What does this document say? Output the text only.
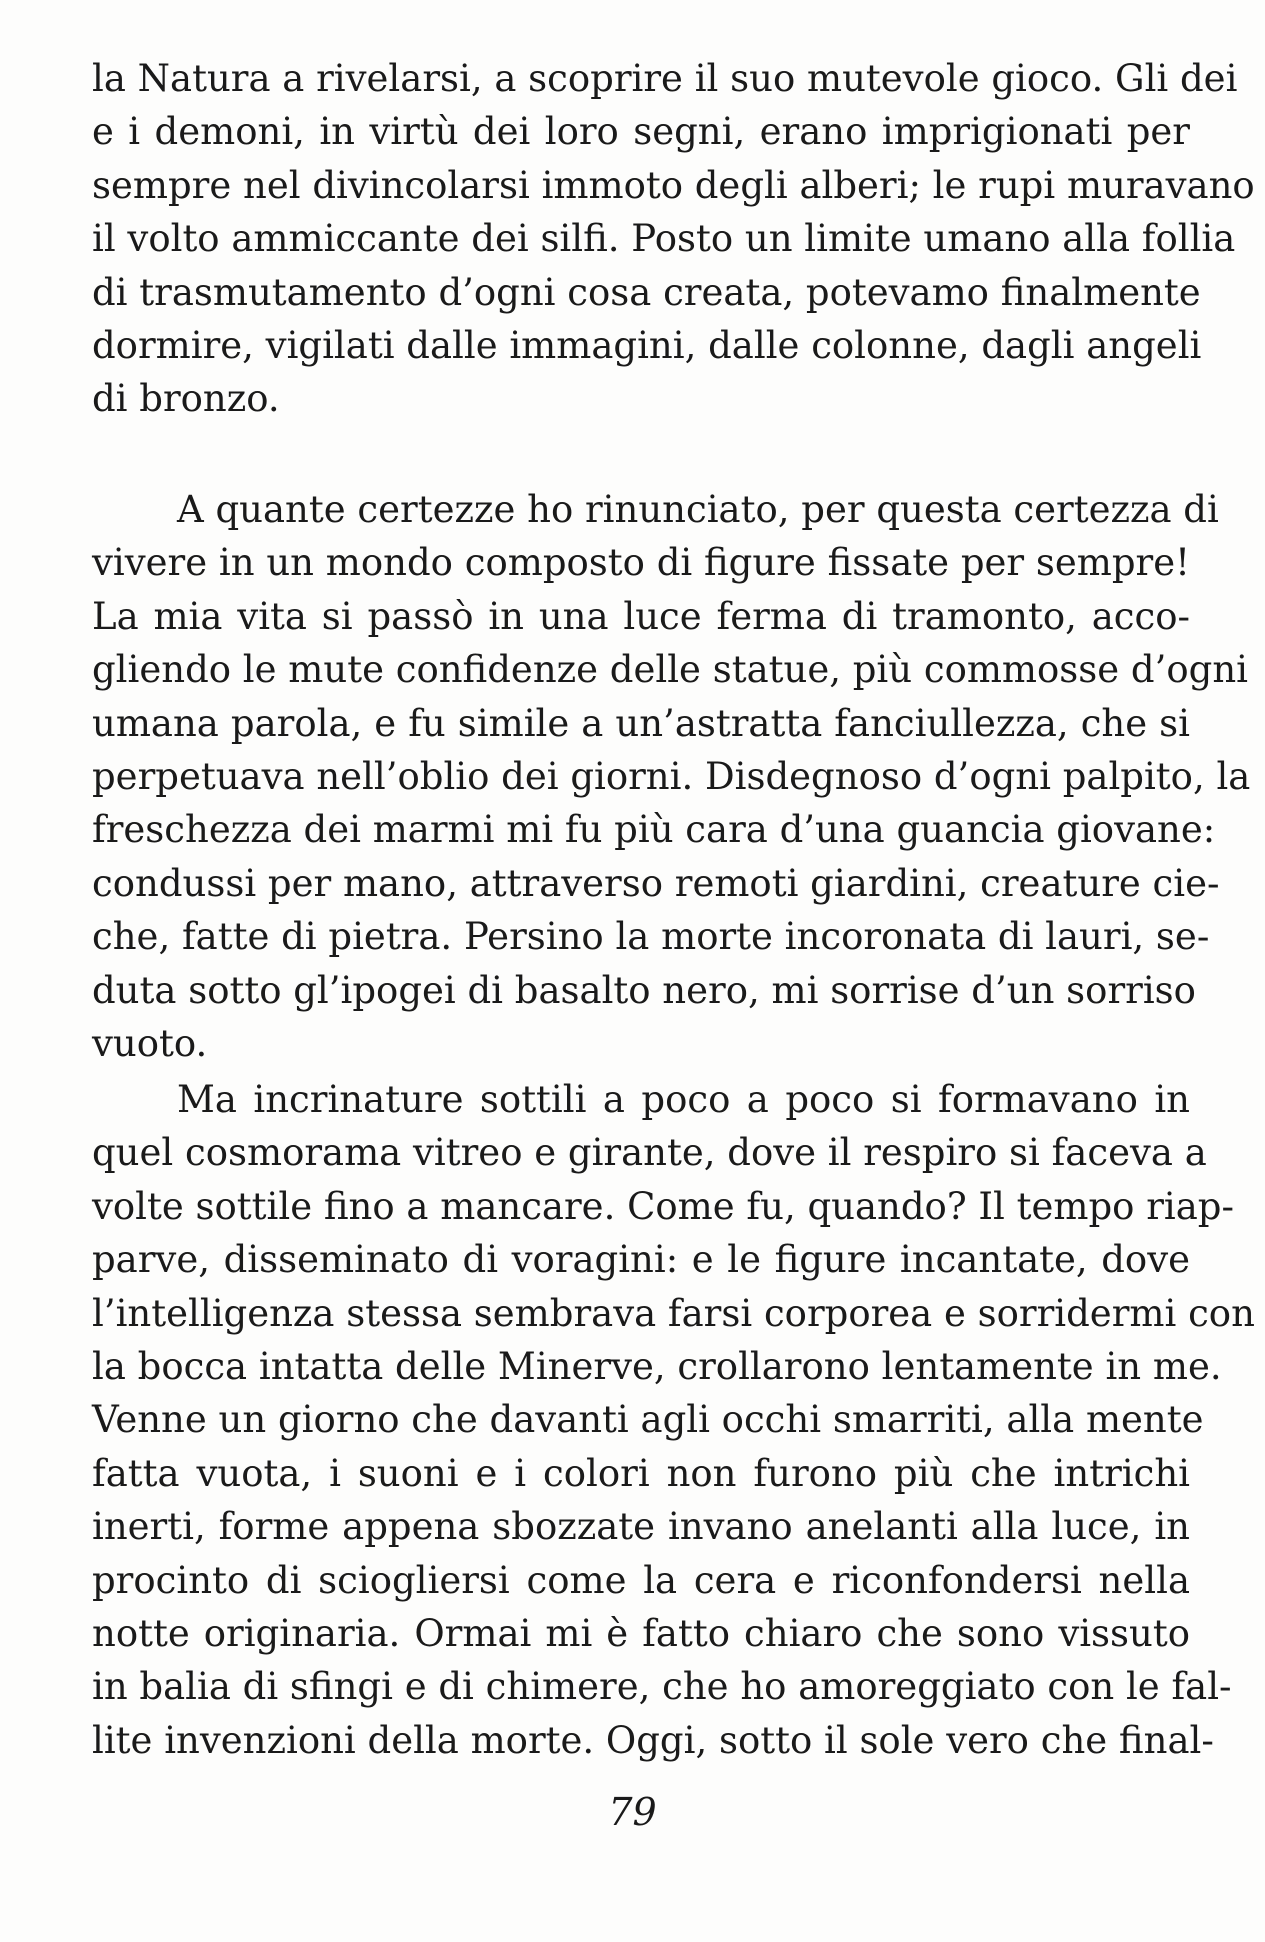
la Natura a rivelarsi, a scoprire il suo mutevole gioco. Gli dei
e i demoni, in virtù dei loro segni, erano imprigionati per
sempre nel divincolarsi immoto degli alberi; le rupi muravano
il volto ammiccante dei silfi. Posto un limite umano alla follia
di trasmutamento d’ogni cosa creata, potevamo finalmente
dormire, vigilati dalle immagini, dalle colonne, dagli angeli
di bronzo.
A quante certezze ho rinunciato, per questa certezza di
vivere in un mondo composto di figure fissate per sempre!
La mia vita si passò in una luce ferma di tramonto, acco-
gliendo le mute confidenze delle statue, più commosse d’ogni
umana parola, e fu simile a un’astratta fanciullezza, che si
perpetuava nell’oblio dei giorni. Disdegnoso d’ogni palpito, la
freschezza dei marmi mi fu più cara d’una guancia giovane:
condussi per mano, attraverso remoti giardini, creature cie-
che, fatte di pietra. Persino la morte incoronata di lauri, se-
duta sotto gl’ipogei di basalto nero, mi sorrise d’un sorriso
vuoto.
Ma incrinature sottili a poco a poco si formavano in
quel cosmorama vitreo e girante, dove il respiro si faceva a
volte sottile fino a mancare. Come fu, quando? Il tempo riap-
parve, disseminato di voragini: e le figure incantate, dove
l’intelligenza stessa sembrava farsi corporea e sorridermi con
la bocca intatta delle Minerve, crollarono lentamente in me.
Venne un giorno che davanti agli occhi smarriti, alla mente
fatta vuota, i suoni e i colori non furono più che intrichi
inerti, forme appena sbozzate invano anelanti alla luce, in
procinto di sciogliersi come la cera e riconfondersi nella
notte originaria. Ormai mi è fatto chiaro che sono vissuto
in balia di sfingi e di chimere, che ho amoreggiato con le fal-
lite invenzioni della morte. Oggi, sotto il sole vero che final-
79
